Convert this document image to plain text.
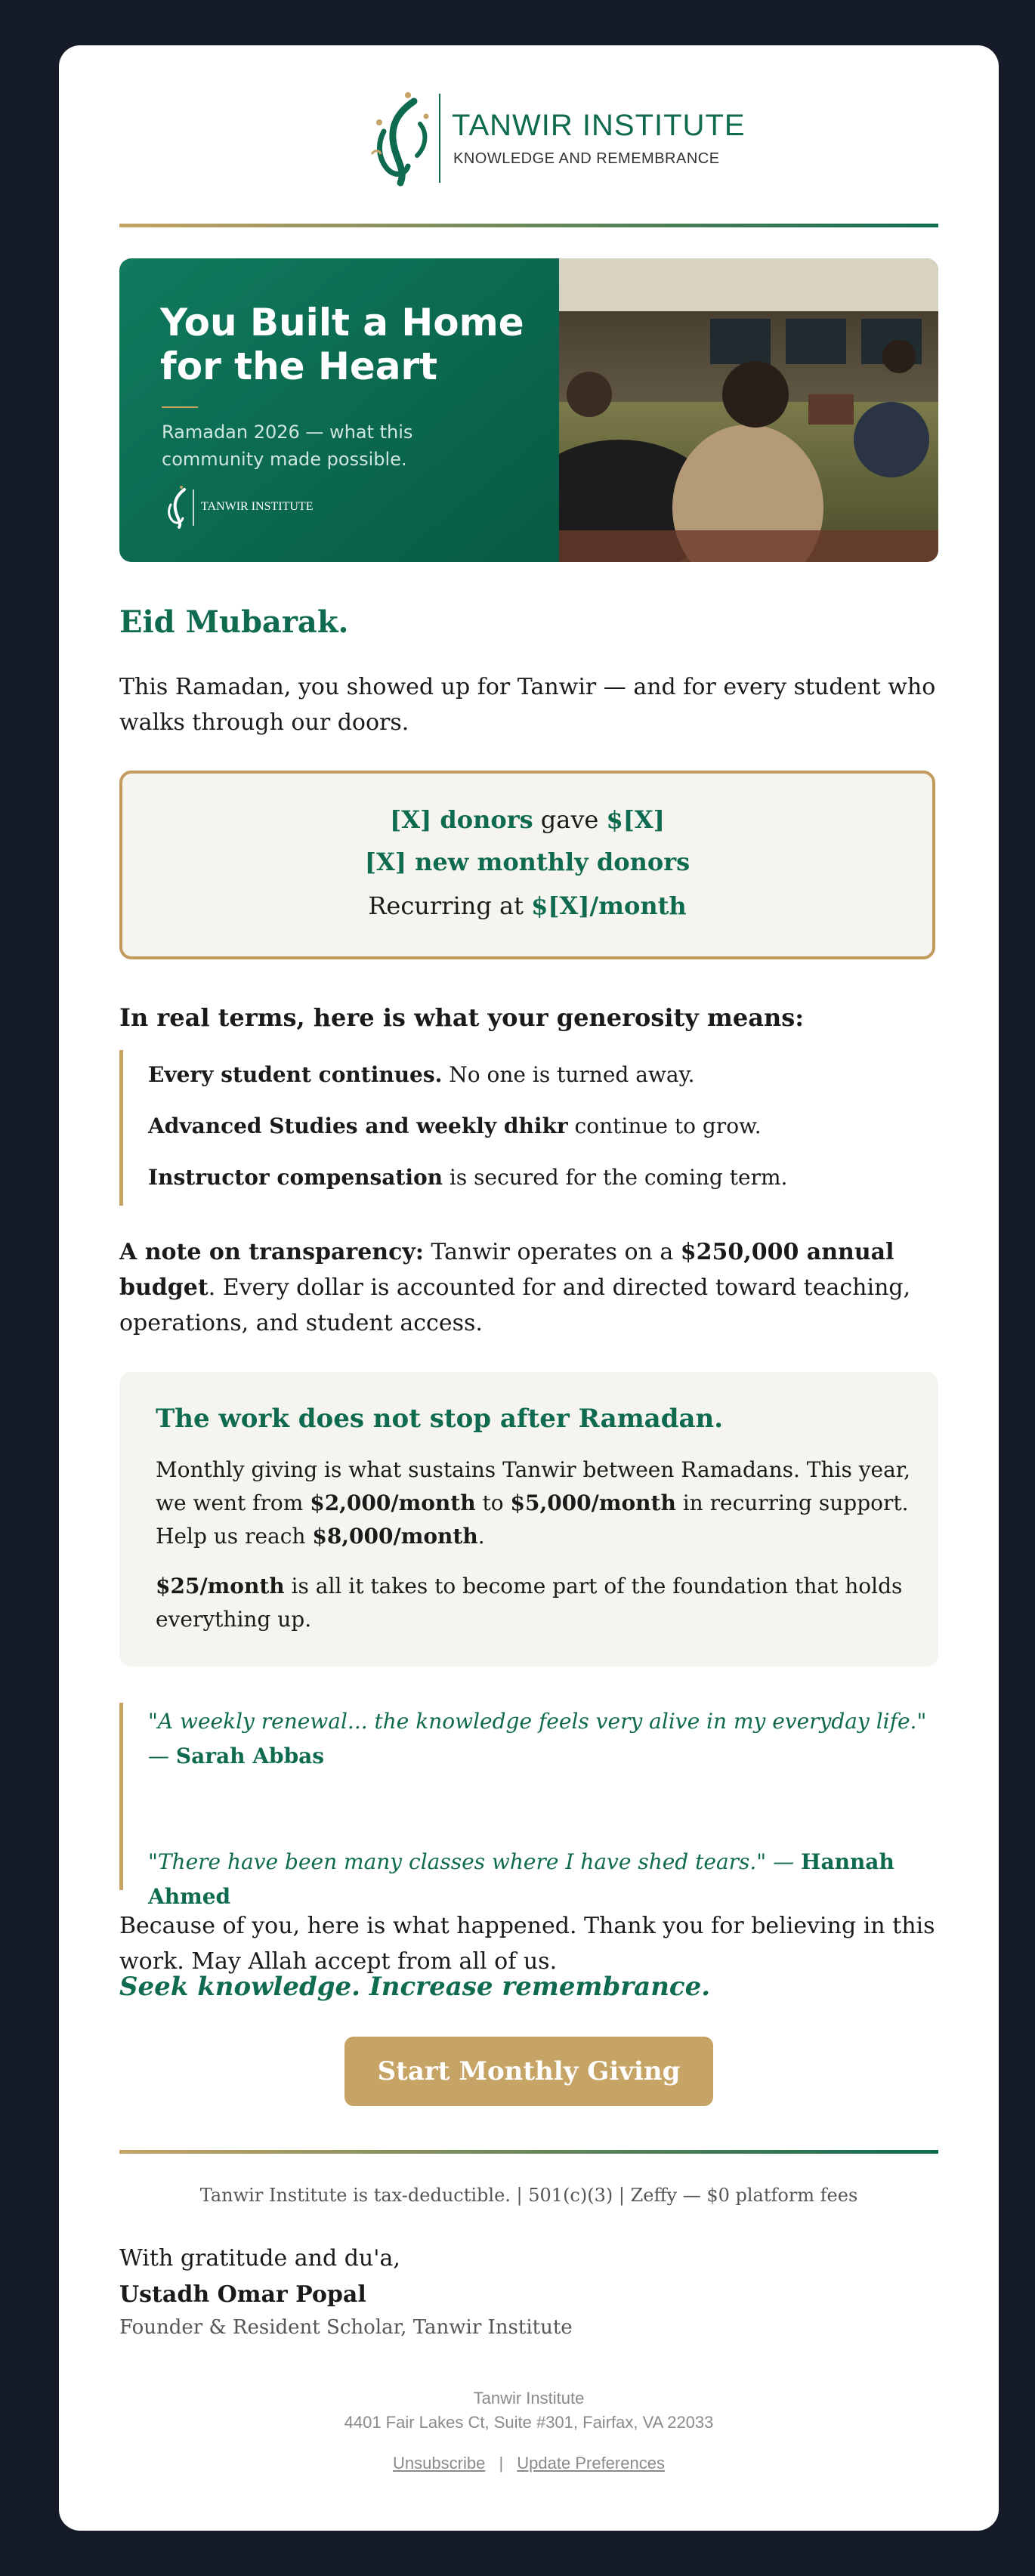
TANWIR INSTITUTE
KNOWLEDGE AND REMEMBRANCE
You Built a Home for the Heart
Ramadan 2026 — what this community made possible.
TANWIR INSTITUTE
Eid Mubarak.
This Ramadan, you showed up for Tanwir — and for every student who walks through our doors.
[X] donors gave $[X]
[X] new monthly donors
Recurring at $[X]/month
In real terms, here is what your generosity means:
Every student continues. No one is turned away.
Advanced Studies and weekly dhikr continue to grow.
Instructor compensation is secured for the coming term.
A note on transparency: Tanwir operates on a $250,000 annual budget. Every dollar is accounted for and directed toward teaching, operations, and student access.
The work does not stop after Ramadan.
Monthly giving is what sustains Tanwir between Ramadans. This year, we went from $2,000/month to $5,000/month in recurring support. Help us reach $8,000/month.
$25/month is all it takes to become part of the foundation that holds everything up.
"A weekly renewal... the knowledge feels very alive in my everyday life." — Sarah Abbas
"There have been many classes where I have shed tears." — Hannah Ahmed
Because of you, here is what happened. Thank you for believing in this work. May Allah accept from all of us.
Seek knowledge. Increase remembrance.
Start Monthly Giving
Tanwir Institute is tax-deductible. | 501(c)(3) | Zeffy — $0 platform fees
With gratitude and du'a,
Ustadh Omar Popal
Founder & Resident Scholar, Tanwir Institute
Tanwir Institute
4401 Fair Lakes Ct, Suite #301, Fairfax, VA 22033
Unsubscribe | Update Preferences
